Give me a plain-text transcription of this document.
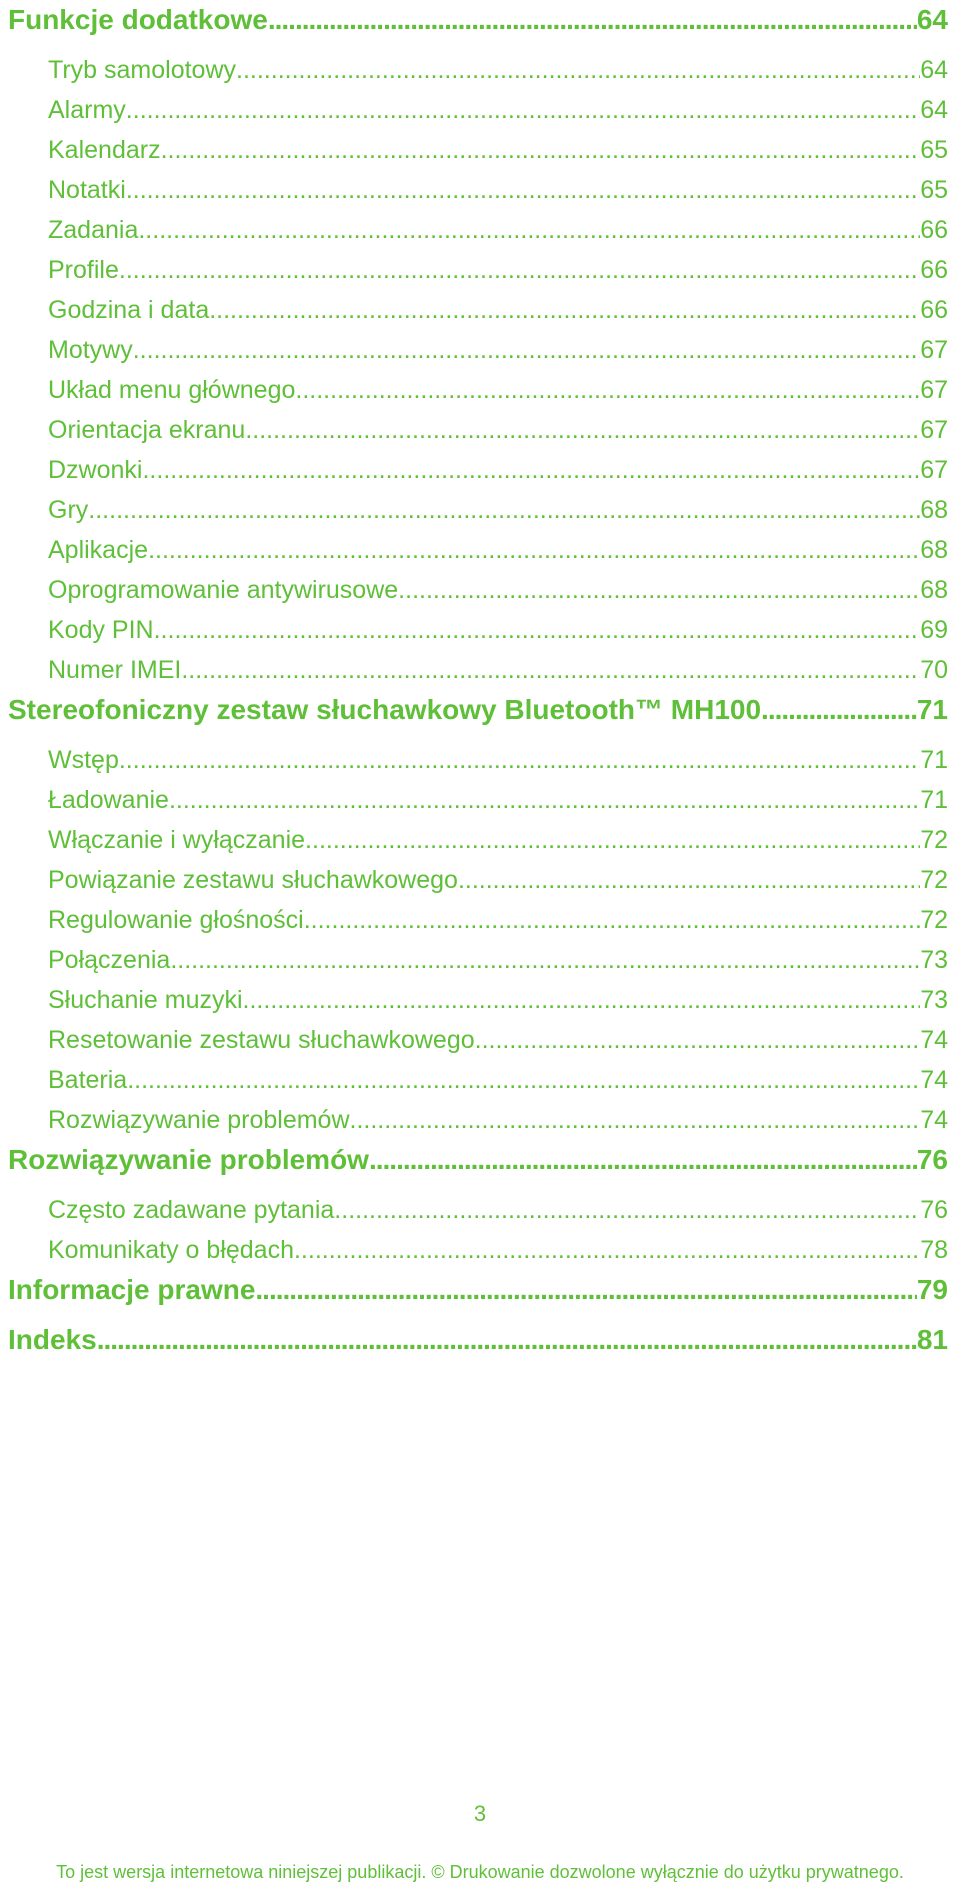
Funkcje dodatkowe .....	64
Tryb samolotowy .....	64
Alarmy .....	64
Kalendarz .....	65
Notatki .....	65
Zadania .....	66
Profile .....	66
Godzina i data .....	66
Motywy .....	67
Układ menu głównego .....	67
Orientacja ekranu .....	67
Dzwonki .....	67
Gry .....	68
Aplikacje .....	68
Oprogramowanie antywirusowe .....	68
Kody PIN .....	69
Numer IMEI .....	70
Stereofoniczny zestaw słuchawkowy Bluetooth™ MH100 .....	71
Wstęp .....	71
Ładowanie .....	71
Włączanie i wyłączanie .....	72
Powiązanie zestawu słuchawkowego .....	72
Regulowanie głośności .....	72
Połączenia .....	73
Słuchanie muzyki .....	73
Resetowanie zestawu słuchawkowego .....	74
Bateria .....	74
Rozwiązywanie problemów .....	74
Rozwiązywanie problemów .....	76
Często zadawane pytania .....	76
Komunikaty o błędach .....	78
Informacje prawne .....	79
Indeks .....	81
3
To jest wersja internetowa niniejszej publikacji. © Drukowanie dozwolone wyłącznie do użytku prywatnego.
